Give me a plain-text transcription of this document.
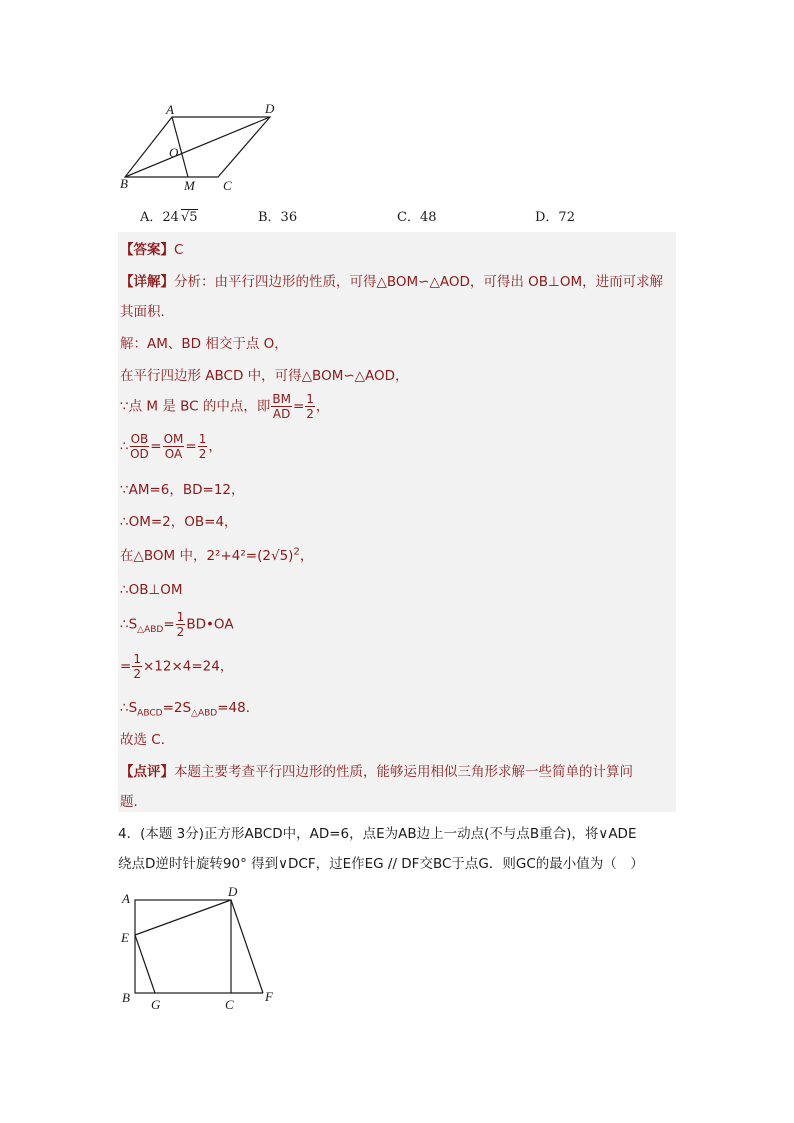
A	D
O
B	M C
A．24 √5	B．36	C．48	D．72
【答案】C
【详解】分析：由平行四边形的性质，可得△BOM∽△AOD，可得出 OB⊥OM，进而可求解
其面积．
解：AM、BD 相交于点 O，
在平行四边形 ABCD 中，可得△BOM∽△AOD，
∵点 M 是 BC 的中点，即 $\frac{BM}{AD} = \frac{1}{2}$ ，
∴ $\frac{OB}{OD} = \frac{OM}{OA} = \frac{1}{2}$ ，
∵AM=6，BD=12，
∴OM=2，OB=4，
在△BOM 中，$2^2+4^2=(2√5)^2$，
∴OB⊥OM
$\therefore S_{\triangle ABD}= \frac{1}{2}$ BD•OA
= $\frac{1}{2} \times 12\times 4=24$，
$\therefore S_{ABCD}=2S_{\triangle ABD}=48$．
故选 C．
【点评】本题主要考查平行四边形的性质，能够运用相似三角形求解一些简单的计算问
题．
4．(本题 3分)正方形ABCD中，AD=6，点E为AB边上一动点(不与点B重合)，将∨ADE
绕点D逆时针旋转90° 得到∨DCF，过E作EG // DF交BC于点G．则GC的最小值为（　）
A	D
E
B G	C
F
